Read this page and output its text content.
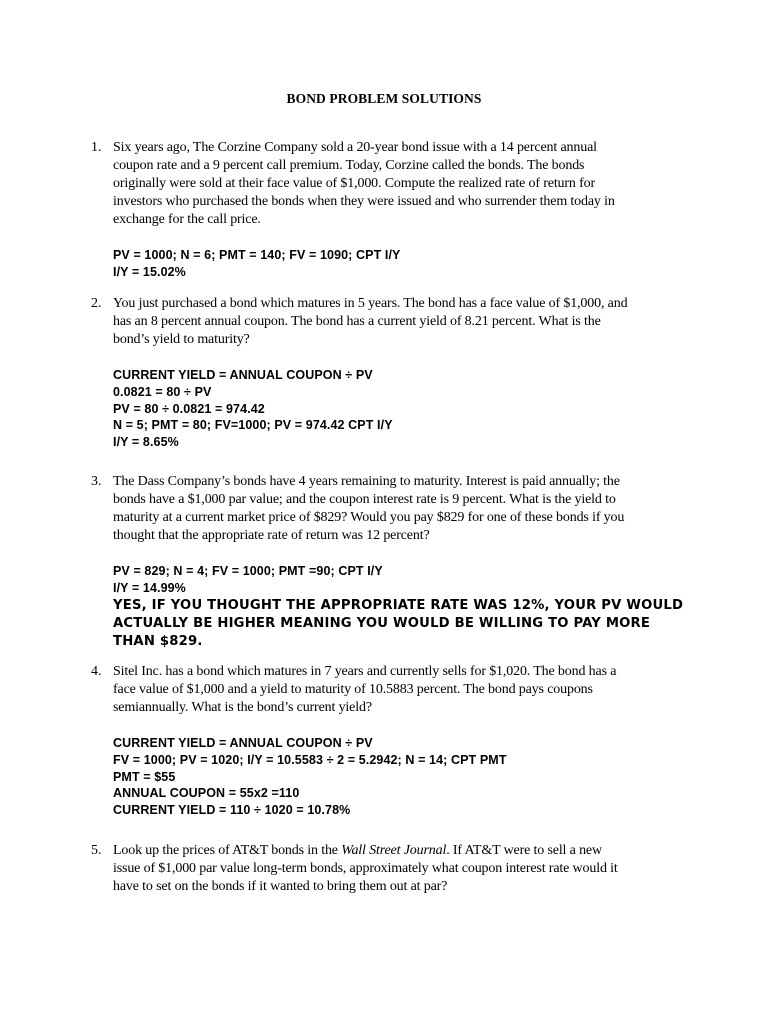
BOND PROBLEM SOLUTIONS
1. Six years ago, The Corzine Company sold a 20-year bond issue with a 14 percent annual
coupon rate and a 9 percent call premium. Today, Corzine called the bonds. The bonds
originally were sold at their face value of $1,000. Compute the realized rate of return for
investors who purchased the bonds when they were issued and who surrender them today in
exchange for the call price.
PV = 1000; N = 6; PMT = 140; FV = 1090; CPT I/Y
I/Y = 15.02%
2. You just purchased a bond which matures in 5 years. The bond has a face value of $1,000, and
has an 8 percent annual coupon. The bond has a current yield of 8.21 percent. What is the
bond’s yield to maturity?
CURRENT YIELD = ANNUAL COUPON ÷ PV
0.0821 = 80 ÷ PV
PV = 80 ÷ 0.0821 = 974.42
N = 5; PMT = 80; FV=1000; PV = 974.42 CPT I/Y
I/Y = 8.65%
3. The Dass Company’s bonds have 4 years remaining to maturity. Interest is paid annually; the
bonds have a $1,000 par value; and the coupon interest rate is 9 percent. What is the yield to
maturity at a current market price of $829? Would you pay $829 for one of these bonds if you
thought that the appropriate rate of return was 12 percent?
PV = 829; N = 4; FV = 1000; PMT =90; CPT I/Y
I/Y = 14.99%
YES, IF YOU THOUGHT THE APPROPRIATE RATE WAS 12%, YOUR PV WOULD
ACTUALLY BE HIGHER MEANING YOU WOULD BE WILLING TO PAY MORE
THAN $829.
4. Sitel Inc. has a bond which matures in 7 years and currently sells for $1,020. The bond has a
face value of $1,000 and a yield to maturity of 10.5883 percent. The bond pays coupons
semiannually. What is the bond’s current yield?
CURRENT YIELD = ANNUAL COUPON ÷ PV
FV = 1000; PV = 1020; I/Y = 10.5583 ÷ 2 = 5.2942; N = 14; CPT PMT
PMT = $55
ANNUAL COUPON = 55x2 =110
CURRENT YIELD = 110 ÷ 1020 = 10.78%
5. Look up the prices of AT&T bonds in the Wall Street Journal. If AT&T were to sell a new
issue of $1,000 par value long-term bonds, approximately what coupon interest rate would it
have to set on the bonds if it wanted to bring them out at par?
